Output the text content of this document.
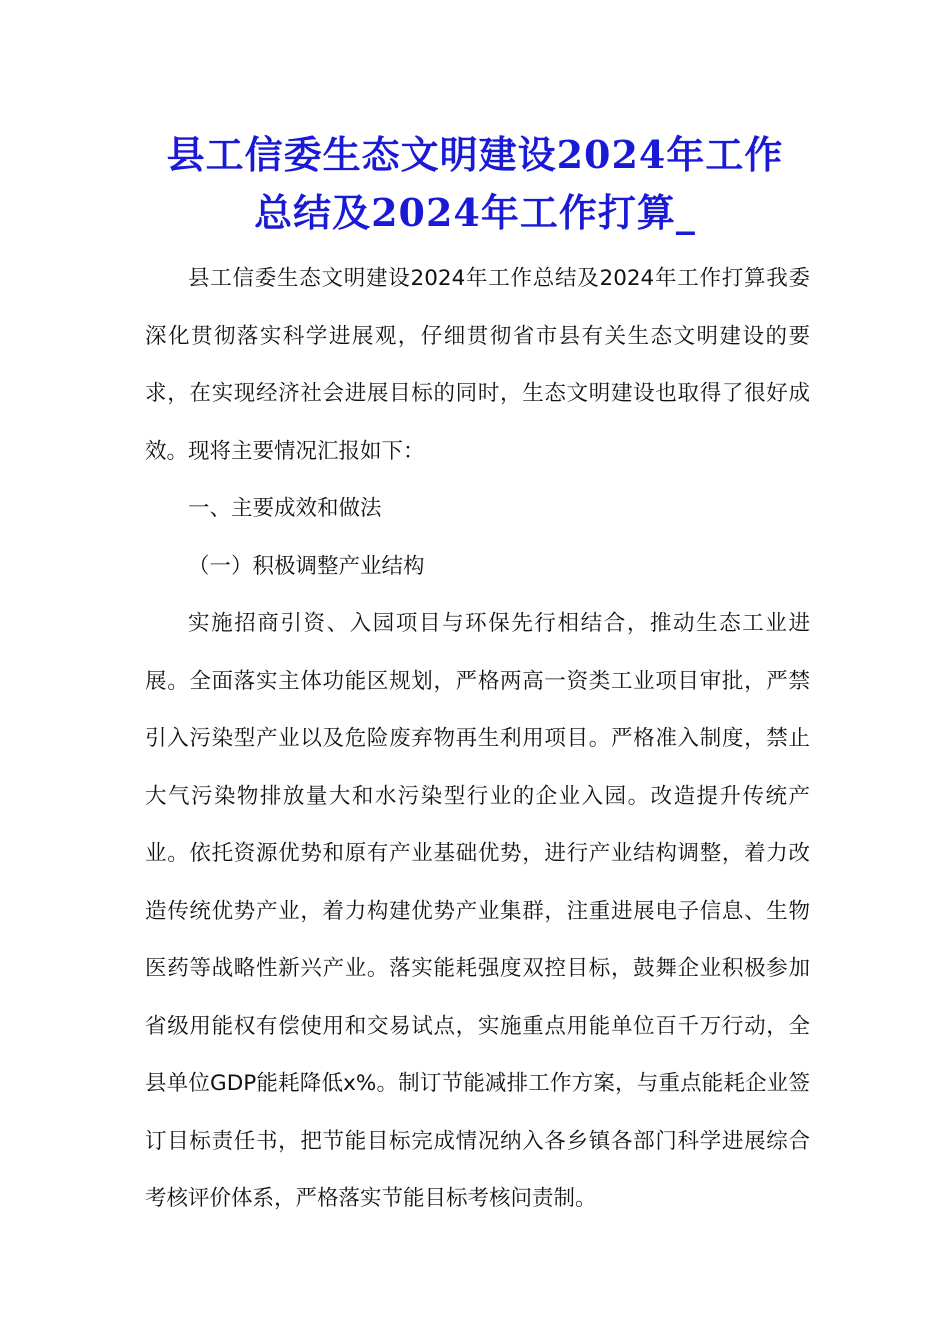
县工信委生态文明建设2024年工作
总结及2024年工作打算_

县工信委生态文明建设2024年工作总结及2024年工作打算我委深化贯彻落实科学进展观，仔细贯彻省市县有关生态文明建设的要求，在实现经济社会进展目标的同时，生态文明建设也取得了很好成效。现将主要情况汇报如下：

一、主要成效和做法

（一）积极调整产业结构

实施招商引资、入园项目与环保先行相结合，推动生态工业进展。全面落实主体功能区规划，严格两高一资类工业项目审批，严禁引入污染型产业以及危险废弃物再生利用项目。严格准入制度，禁止大气污染物排放量大和水污染型行业的企业入园。改造提升传统产业。依托资源优势和原有产业基础优势，进行产业结构调整，着力改造传统优势产业，着力构建优势产业集群，注重进展电子信息、生物医药等战略性新兴产业。落实能耗强度双控目标，鼓舞企业积极参加省级用能权有偿使用和交易试点，实施重点用能单位百千万行动，全县单位GDP能耗降低x%。制订节能减排工作方案，与重点能耗企业签订目标责任书，把节能目标完成情况纳入各乡镇各部门科学进展综合考核评价体系，严格落实节能目标考核问责制。
